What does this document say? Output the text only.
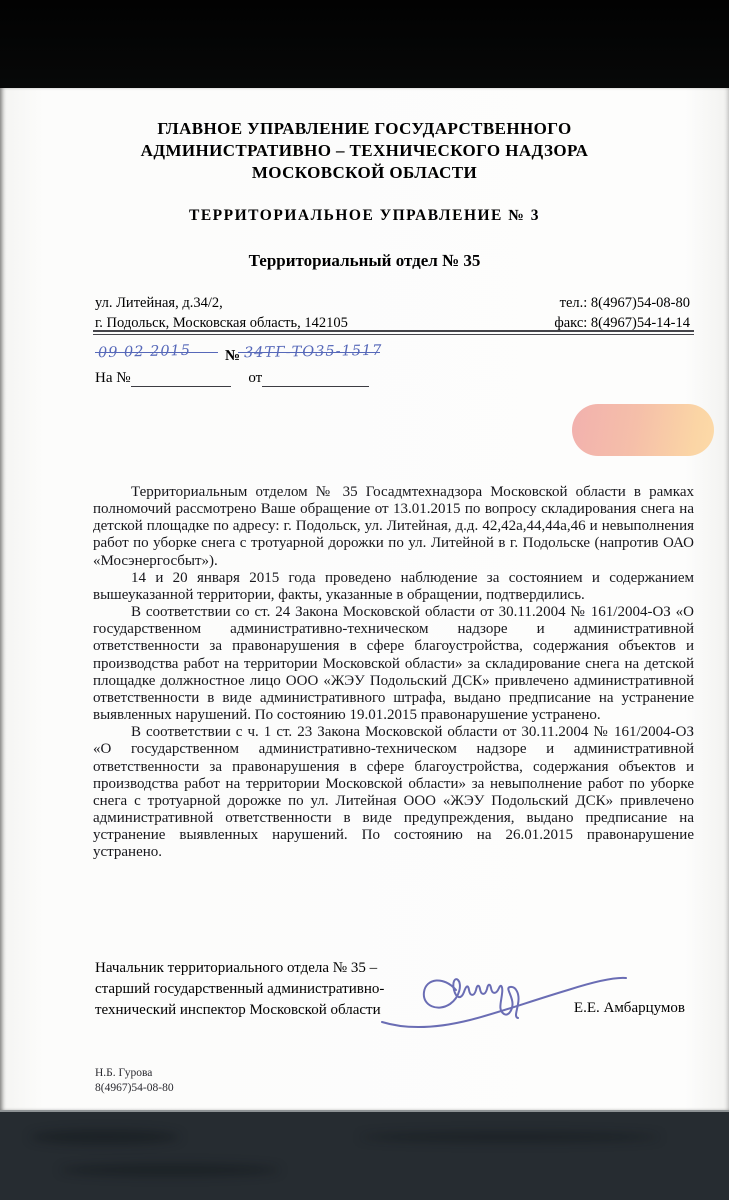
ГЛАВНОЕ УПРАВЛЕНИЕ ГОСУДАРСТВЕННОГО
АДМИНИСТРАТИВНО – ТЕХНИЧЕСКОГО НАДЗОРА
МОСКОВСКОЙ ОБЛАСТИ
ТЕРРИТОРИАЛЬНОЕ УПРАВЛЕНИЕ № 3
Территориальный отдел № 35
ул. Литейная, д.34/2,
г. Подольск, Московская область, 142105
тел.: 8(4967)54-08-80
факс: 8(4967)54-14-14
09 02 2015 № 34ТГ-ТО35-1517
На №	от

Территориальным отделом № 35 Госадмтехнадзора Московской области в рамках полномочий рассмотрено Ваше обращение от 13.01.2015 по вопросу складирования снега на детской площадке по адресу: г. Подольск, ул. Литейная, д.д. 42,42а,44,44а,46 и невыполнения работ по уборке снега с тротуарной дорожки по ул. Литейной в г. Подольске (напротив ОАО «Мосэнергосбыт»).

14 и 20 января 2015 года проведено наблюдение за состоянием и содержанием вышеуказанной территории, факты, указанные в обращении, подтвердились.

В соответствии со ст. 24 Закона Московской области от 30.11.2004 № 161/2004-ОЗ «О государственном административно-техническом надзоре и административной ответственности за правонарушения в сфере благоустройства, содержания объектов и производства работ на территории Московской области» за складирование снега на детской площадке должностное лицо ООО «ЖЭУ Подольский ДСК» привлечено административной ответственности в виде административного штрафа, выдано предписание на устранение выявленных нарушений. По состоянию 19.01.2015 правонарушение устранено.

В соответствии с ч. 1 ст. 23 Закона Московской области от 30.11.2004 № 161/2004-ОЗ «О государственном административно-техническом надзоре и административной ответственности за правонарушения в сфере благоустройства, содержания объектов и производства работ на территории Московской области» за невыполнение работ по уборке снега с тротуарной дорожке по ул. Литейная ООО «ЖЭУ Подольский ДСК» привлечено административной ответственности в виде предупреждения, выдано предписание на устранение выявленных нарушений. По состоянию на 26.01.2015 правонарушение устранено.

Начальник территориального отдела № 35 –
старший государственный административно-
технический инспектор Московской области	Е.Е. Амбарцумов
Н.Б. Гурова
8(4967)54-08-80
